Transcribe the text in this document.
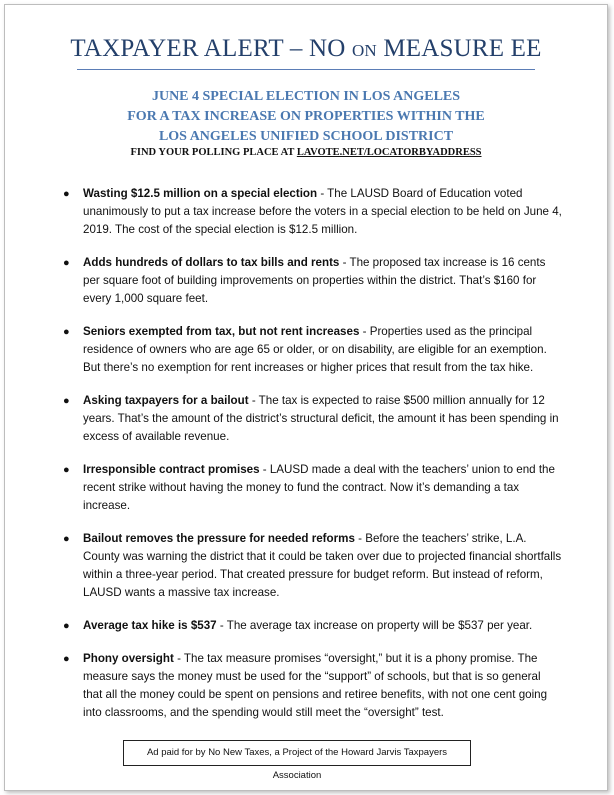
TAXPAYER ALERT – NO ON MEASURE EE
JUNE 4 SPECIAL ELECTION IN LOS ANGELES
FOR A TAX INCREASE ON PROPERTIES WITHIN THE
LOS ANGELES UNIFIED SCHOOL DISTRICT
FIND YOUR POLLING PLACE AT LAVOTE.NET/LOCATORBYADDRESS
● Wasting $12.5 million on a special election - The LAUSD Board of Education voted unanimously to put a tax increase before the voters in a special election to be held on June 4, 2019. The cost of the special election is $12.5 million.
● Adds hundreds of dollars to tax bills and rents - The proposed tax increase is 16 cents per square foot of building improvements on properties within the district. That’s $160 for every 1,000 square feet.
● Seniors exempted from tax, but not rent increases - Properties used as the principal residence of owners who are age 65 or older, or on disability, are eligible for an exemption. But there’s no exemption for rent increases or higher prices that result from the tax hike.
● Asking taxpayers for a bailout - The tax is expected to raise $500 million annually for 12 years. That’s the amount of the district’s structural deficit, the amount it has been spending in excess of available revenue.
● Irresponsible contract promises - LAUSD made a deal with the teachers’ union to end the recent strike without having the money to fund the contract. Now it’s demanding a tax increase.
● Bailout removes the pressure for needed reforms - Before the teachers’ strike, L.A. County was warning the district that it could be taken over due to projected financial shortfalls within a three-year period. That created pressure for budget reform. But instead of reform, LAUSD wants a massive tax increase.
● Average tax hike is $537 - The average tax increase on property will be $537 per year.
● Phony oversight - The tax measure promises “oversight,” but it is a phony promise. The measure says the money must be used for the “support” of schools, but that is so general that all the money could be spent on pensions and retiree benefits, with not one cent going into classrooms, and the spending would still meet the “oversight” test.
Ad paid for by No New Taxes, a Project of the Howard Jarvis Taxpayers Association
